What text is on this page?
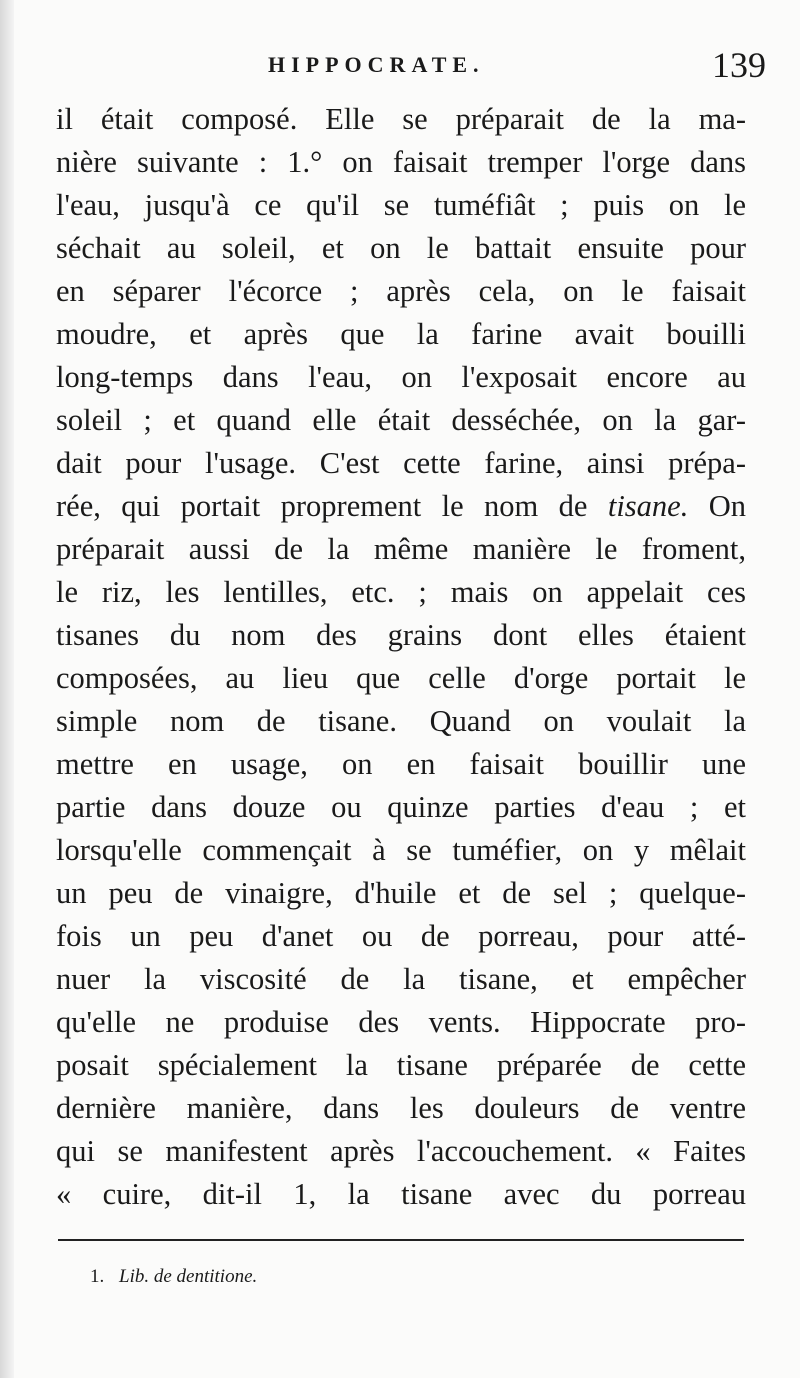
HIPPOCRATE.	139
il était composé. Elle se préparait de la ma-
nière suivante : 1.° on faisait tremper l'orge dans
l'eau, jusqu'à ce qu'il se tuméfiât ; puis on le
séchait au soleil, et on le battait ensuite pour
en séparer l'écorce ; après cela, on le faisait
moudre, et après que la farine avait bouilli
long-temps dans l'eau, on l'exposait encore au
soleil ; et quand elle était desséchée, on la gar-
dait pour l'usage. C'est cette farine, ainsi prépa-
rée, qui portait proprement le nom de tisane. On
préparait aussi de la même manière le froment,
le riz, les lentilles, etc. ; mais on appelait ces
tisanes du nom des grains dont elles étaient
composées, au lieu que celle d'orge portait le
simple nom de tisane. Quand on voulait la
mettre en usage, on en faisait bouillir une
partie dans douze ou quinze parties d'eau ; et
lorsqu'elle commençait à se tuméfier, on y mêlait
un peu de vinaigre, d'huile et de sel ; quelque-
fois un peu d'anet ou de porreau, pour atté-
nuer la viscosité de la tisane, et empêcher
qu'elle ne produise des vents. Hippocrate pro-
posait spécialement la tisane préparée de cette
dernière manière, dans les douleurs de ventre
qui se manifestent après l'accouchement. « Faites
« cuire, dit-il 1, la tisane avec du porreau
1. Lib. de dentitione.
